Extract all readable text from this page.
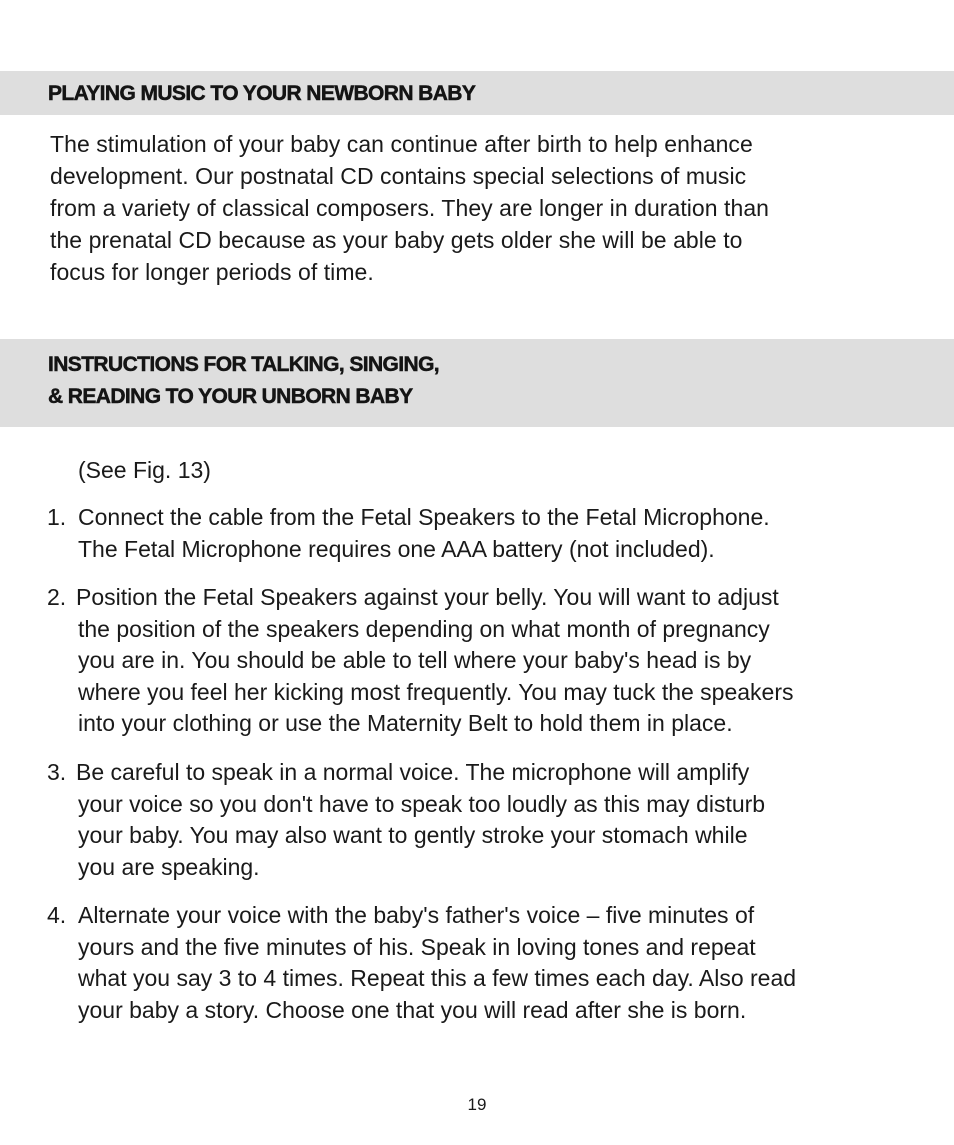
PLAYING MUSIC TO YOUR NEWBORN BABY

The stimulation of your baby can continue after birth to help enhance
development. Our postnatal CD contains special selections of music
from a variety of classical composers. They are longer in duration than
the prenatal CD because as your baby gets older she will be able to
focus for longer periods of time.

INSTRUCTIONS FOR TALKING, SINGING,
& READING TO YOUR UNBORN BABY

(See Fig. 13)

1. Connect the cable from the Fetal Speakers to the Fetal Microphone.
The Fetal Microphone requires one AAA battery (not included).

2. Position the Fetal Speakers against your belly. You will want to adjust
the position of the speakers depending on what month of pregnancy
you are in. You should be able to tell where your baby's head is by
where you feel her kicking most frequently. You may tuck the speakers
into your clothing or use the Maternity Belt to hold them in place.

3. Be careful to speak in a normal voice. The microphone will amplify
your voice so you don't have to speak too loudly as this may disturb
your baby. You may also want to gently stroke your stomach while
you are speaking.

4. Alternate your voice with the baby's father's voice – five minutes of
yours and the five minutes of his. Speak in loving tones and repeat
what you say 3 to 4 times. Repeat this a few times each day. Also read
your baby a story. Choose one that you will read after she is born.

19
